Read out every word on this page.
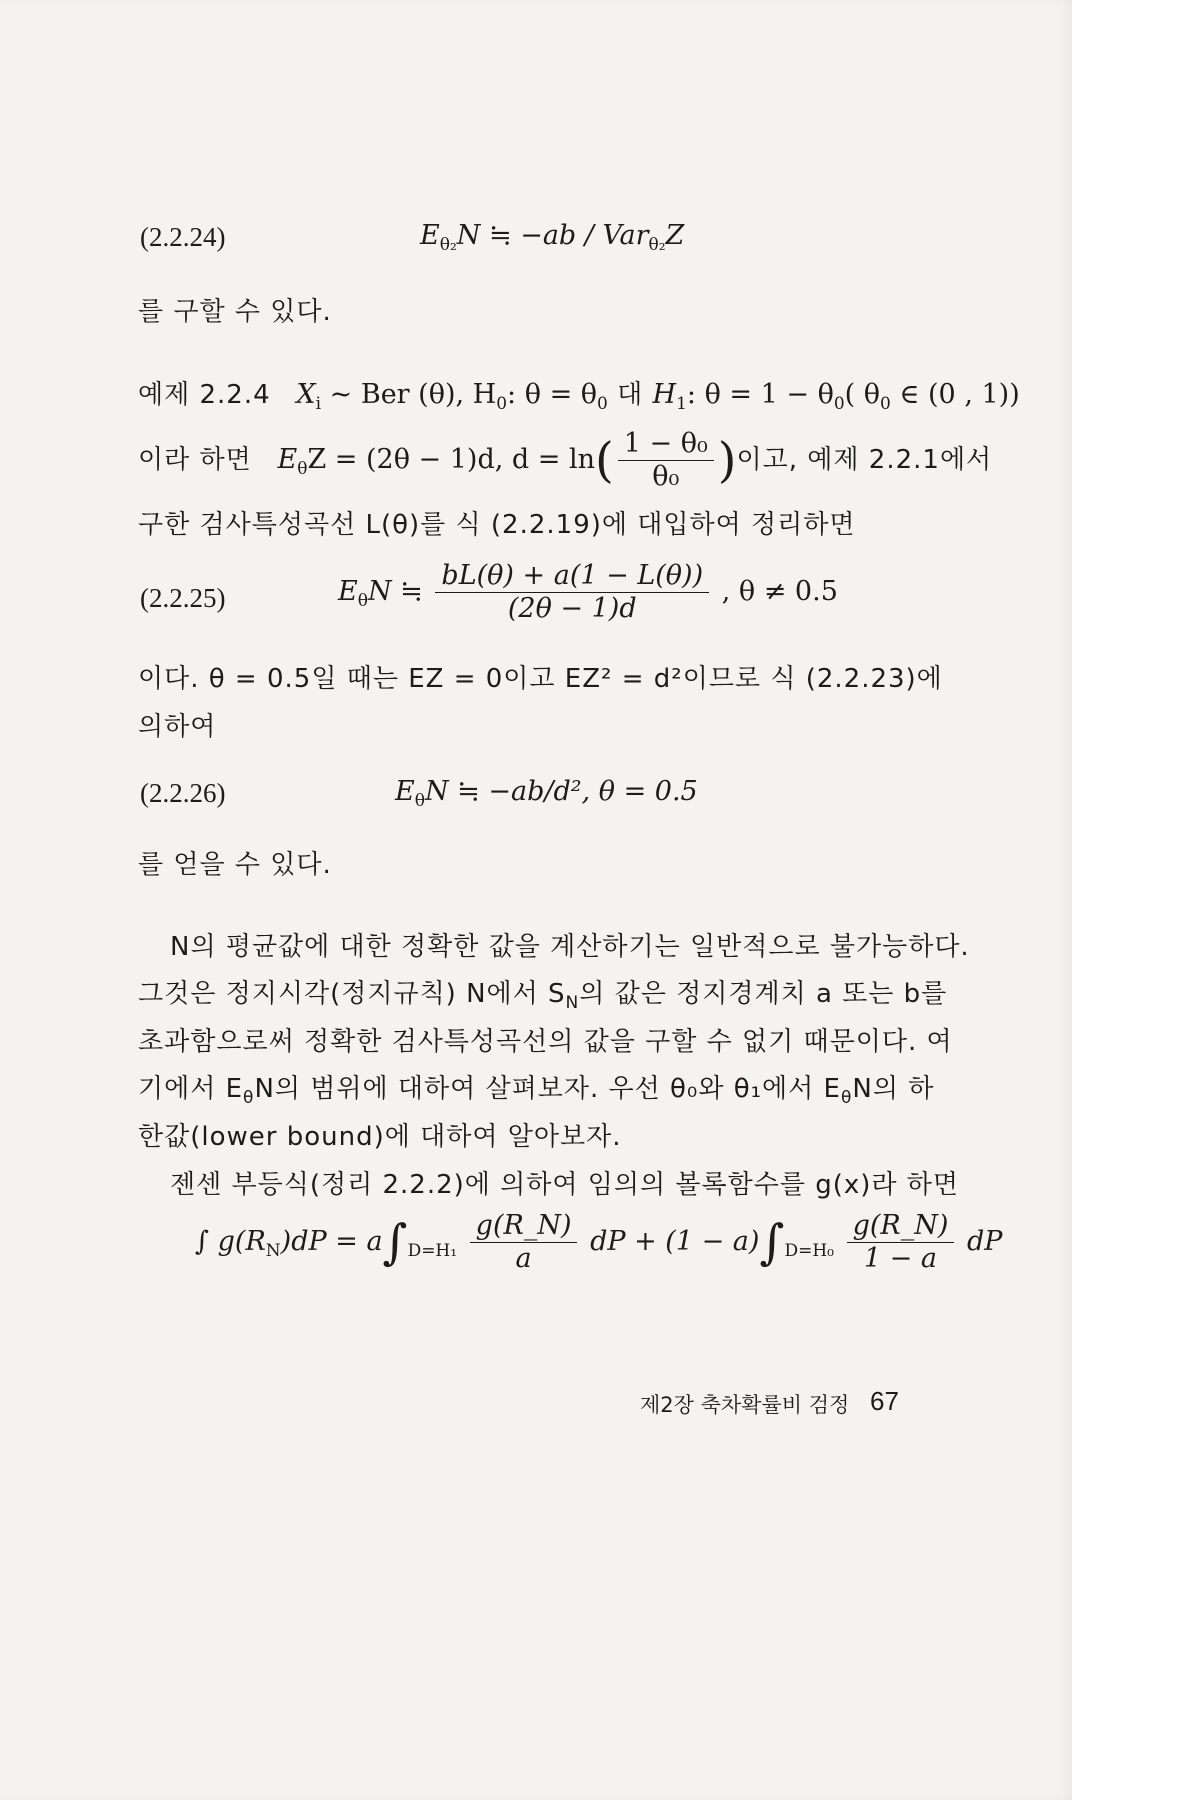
(2.2.24)	$E_{\theta_2}N$ ≒ −ab / Var$_{\theta_2}$Z
를 구할 수 있다.
예제 2.2.4 $X_i$ ~ Ber (θ), $H_0$: $\theta = \theta_0$ 대 $H_1$: $\theta = 1 - \theta_0$( $\theta_0$ ∈ (0 , 1))
이라 하면 $E_\theta Z = (2\theta - 1)d$, $d = \ln( \frac{\text{1 − θ₀}}{\text{θ₀}}$ )이고, 예제 2.2.1에서
구한 검사특성곡선 L(θ)를 식 (2.2.19)에 대입하여 정리하면
(2.2.25)	$E_\theta N$ ≒ $\frac{bL(\theta) + a(1 - L(\theta))}{(2\theta - 1)d}$ , θ ≠ 0.5
이다. θ = 0.5일 때는 EZ = 0이고 EZ² = d²이므로 식 (2.2.23)에
의하여
(2.2.26)	$E_\theta N$ ≒ −ab/d², θ = 0.5
를 얻을 수 있다.
N의 평균값에 대한 정확한 값을 계산하기는 일반적으로 불가능하다.
그것은 정지시각(정지규칙) N에서 $S_N$의 값은 정지경계치 a 또는 b를
초과함으로써 정확한 검사특성곡선의 값을 구할 수 없기 때문이다. 여
기에서 $E_\theta N$의 범위에 대하여 살펴보자. 우선 θ₀와 θ₁에서 $E_\theta N$의 하
한값(lower bound)에 대하여 알아보자.
젠센 부등식(정리 2.2.2)에 의하여 임의의 볼록함수를 g(x)라 하면
∫ $g(R_N)dP = a\int_{D=H_1} \frac{g(R\_N)}{a}$ dP + $(1 - a)\int_{D=H_0} \frac{g(R\_N)}{1 - a}$ dP
제2장 축차확률비 검정 67
